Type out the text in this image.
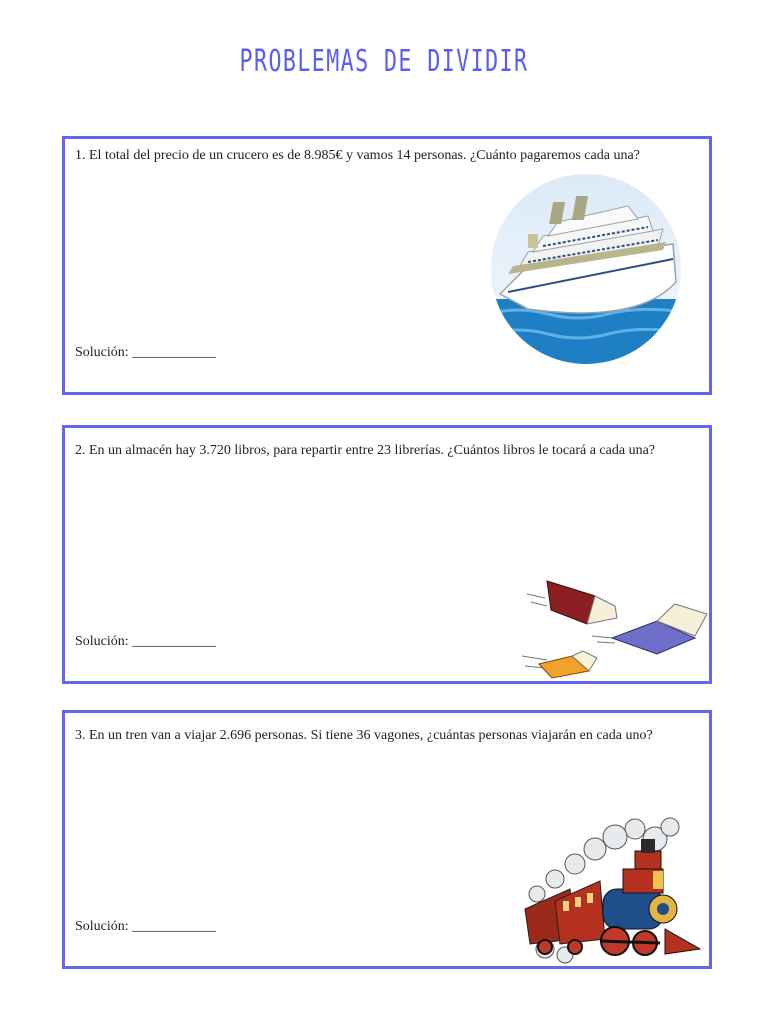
PROBLEMAS DE DIVIDIR
1. El total del precio de un crucero es de 8.985€ y vamos 14 personas. ¿Cuánto pagaremos cada una?
Solución: ____________
2. En un almacén hay 3.720 libros, para repartir entre 23 librerías. ¿Cuántos libros le tocará a cada una?
Solución: ____________
3. En un tren van a viajar 2.696 personas. Si tiene 36 vagones, ¿cuántas personas viajarán en cada uno?
Solución: ____________
